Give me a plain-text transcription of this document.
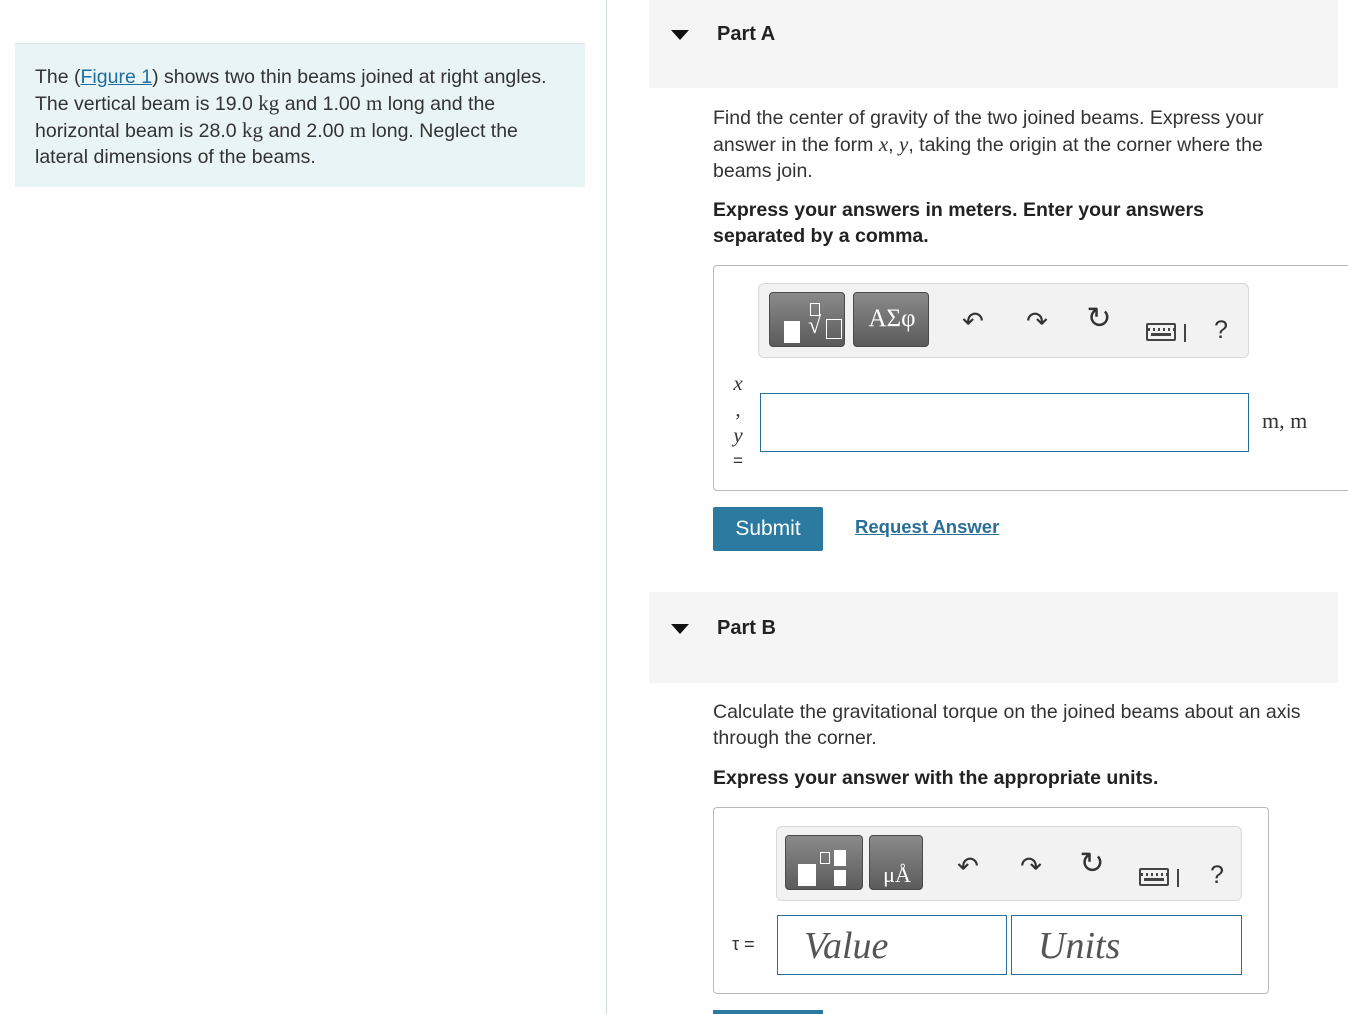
The (Figure 1) shows two thin beams joined at right angles. The vertical beam is 19.0 kg and 1.00 m long and the horizontal beam is 28.0 kg and 2.00 m long. Neglect the lateral dimensions of the beams.
Part A
Find the center of gravity of the two joined beams. Express your answer in the form x, y, taking the origin at the corner where the beams join.
Express your answers in meters. Enter your answers separated by a comma.
√	ΑΣφ	↶ ↷ ↻	?
x
,
y
=
m, m
Submit	Request Answer
Part B
Calculate the gravitational torque on the joined beams about an axis through the corner.
Express your answer with the appropriate units.
μÅ	↶ ↷ ↻	?
τ = Value	Units
